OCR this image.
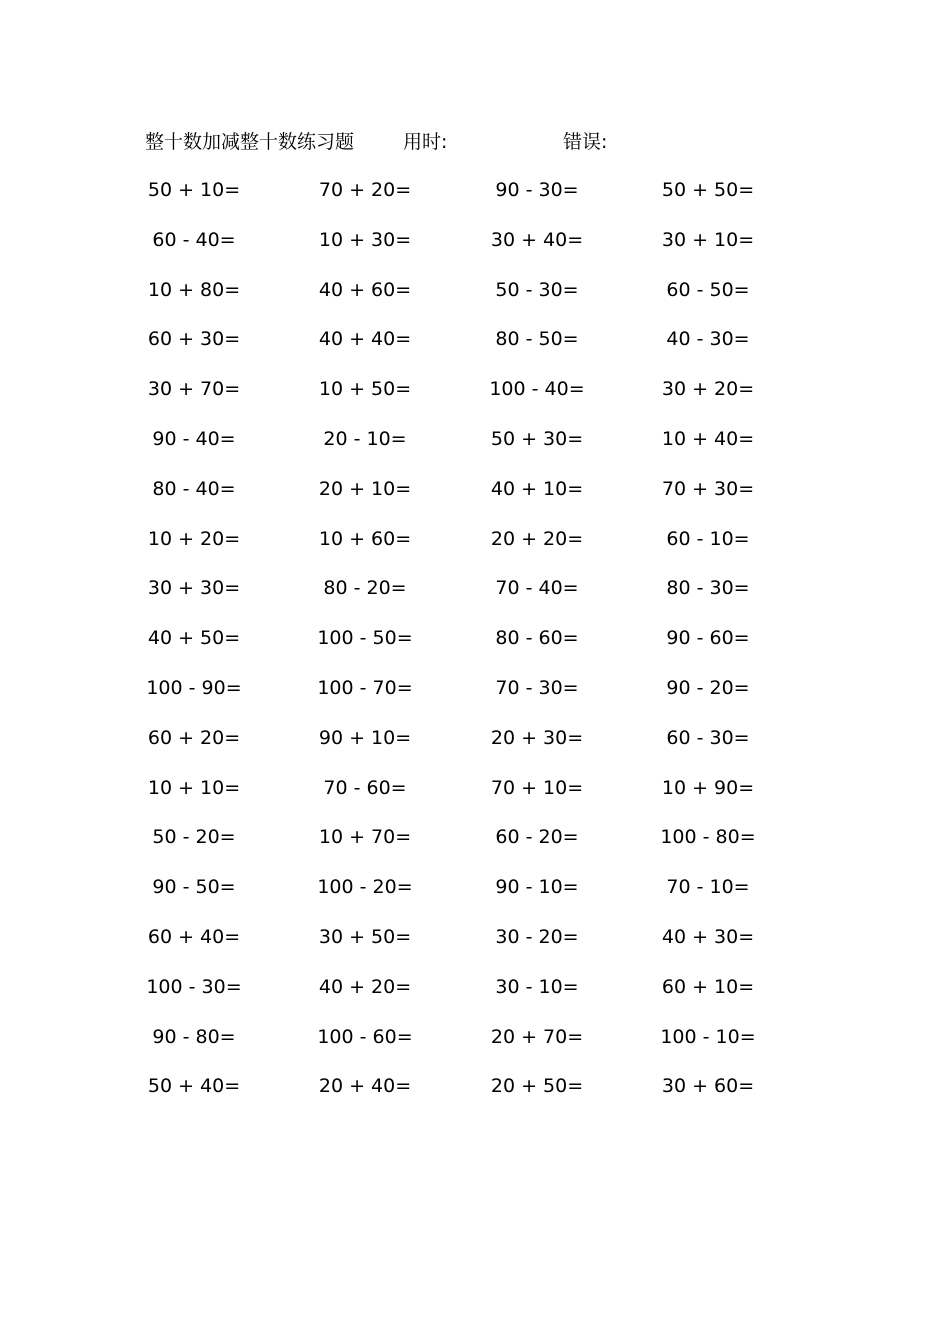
整十数加减整十数练习题	用时:	错误:
50 + 10=	70 + 20=	90 - 30=	50 + 50=
60 - 40=	10 + 30=	30 + 40=	30 + 10=
10 + 80=	40 + 60=	50 - 30=	60 - 50=
60 + 30=	40 + 40=	80 - 50=	40 - 30=
30 + 70=	10 + 50=	100 - 40=	30 + 20=
90 - 40=	20 - 10=	50 + 30=	10 + 40=
80 - 40=	20 + 10=	40 + 10=	70 + 30=
10 + 20=	10 + 60=	20 + 20=	60 - 10=
30 + 30=	80 - 20=	70 - 40=	80 - 30=
40 + 50=	100 - 50=	80 - 60=	90 - 60=
100 - 90=	100 - 70=	70 - 30=	90 - 20=
60 + 20=	90 + 10=	20 + 30=	60 - 30=
10 + 10=	70 - 60=	70 + 10=	10 + 90=
50 - 20=	10 + 70=	60 - 20=	100 - 80=
90 - 50=	100 - 20=	90 - 10=	70 - 10=
60 + 40=	30 + 50=	30 - 20=	40 + 30=
100 - 30=	40 + 20=	30 - 10=	60 + 10=
90 - 80=	100 - 60=	20 + 70=	100 - 10=
50 + 40=	20 + 40=	20 + 50=	30 + 60=
